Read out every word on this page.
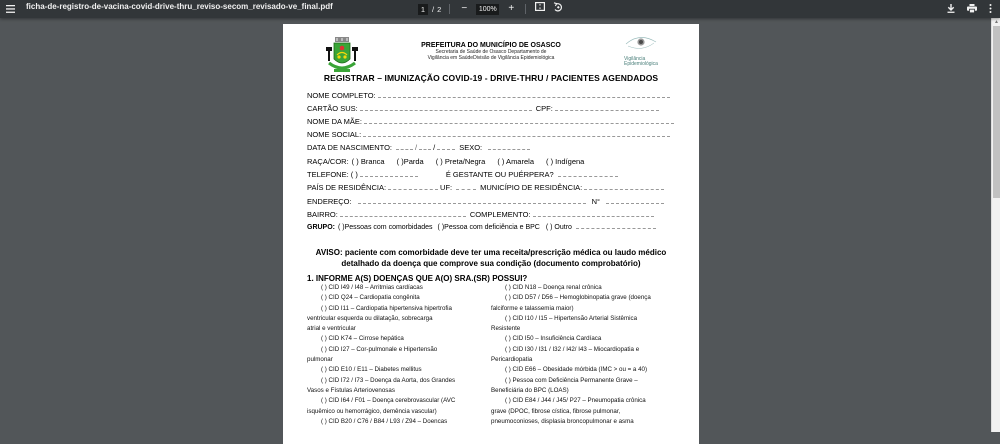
ficha-de-registro-de-vacina-covid-drive-thru_reviso-secom_revisado-ve_final.pdf	1 / 2	−	100%	+
▲
PREFEITURA DO MUNICÍPIO DE OSASCO
Secretaria de Saúde de Osasco Departamento de
Vigilância em SaúdeDivisão de Vigilância Epidemiológica	Vigilância
Epidemiológica
REGISTRAR – IMUNIZAÇÃO COVID-19 - DRIVE-THRU / PACIENTES AGENDADOS
NOME COMPLETO:
CARTÃO SUS:	CPF:
NOME DA MÃE:
NOME SOCIAL:
DATA DE NASCIMENTO:	/ /	SEXO:
RAÇA/COR: ( ) Branca ( )Parda ( ) Preta/Negra ( ) Amarela ( ) Indígena
TELEFONE: ( )	É GESTANTE OU PUÉRPERA?
PAÍS DE RESIDÊNCIA:	UF:	MUNICÍPIO DE RESIDÊNCIA:
ENDEREÇO:	N°
BAIRRO:	COMPLEMENTO:
GRUPO: ( )Pessoas com comorbidades ( )Pessoa com deficiência e BPC ( ) Outro
AVISO: paciente com comorbidade deve ter uma receita/prescrição médica ou laudo médico
detalhado da doença que comprove sua condição (documento comprobatório)
1. INFORME A(S) DOENÇAS QUE A(O) SRA.(SR) POSSUI?
( ) CID I49 / I48 – Arritmias cardíacas
( ) CID Q24 – Cardiopatia congênita
( ) CID I11 – Cardiopatia hipertensiva hipertrofia
ventricular esquerda ou dilatação, sobrecarga
atrial e ventricular
( ) CID K74 – Cirrose hepática
( ) CID I27 – Cor-pulmonale e Hipertensão
pulmonar
( ) CID E10 / E11 – Diabetes mellitus
( ) CID I72 / I73 – Doença da Aorta, dos Grandes
Vasos e Fístulas Arteriovenosas
( ) CID I64 / F01 – Doença cerebrovascular (AVC
isquêmico ou hemorrágico, demência vascular)
( ) CID B20 / C76 / B84 / L93 / Z94 – Doencas
( ) CID N18 – Doença renal crônica
( ) CID D57 / D56 – Hemoglobinopatia grave (doença
falciforme e talassemia maior)
( ) CID I10 / I15 – Hipertensão Arterial Sistêmica
Resistente
( ) CID I50 – Insuficiência Cardíaca
( ) CID I30 / I31 / I32 / I42/ I43 – Miocardiopatia e
Pericardiopatia
( ) CID E66 – Obesidade mórbida (IMC > ou = a 40)
( ) Pessoa com Deficiência Permanente Grave –
Beneficiária do BPC (LOAS)
( ) CID E84 / J44 / J45/ P27 – Pneumopatia crônica
grave (DPOC, fibrose cística, fibrose pulmonar,
pneumoconioses, displasia broncopulmonar e asma
